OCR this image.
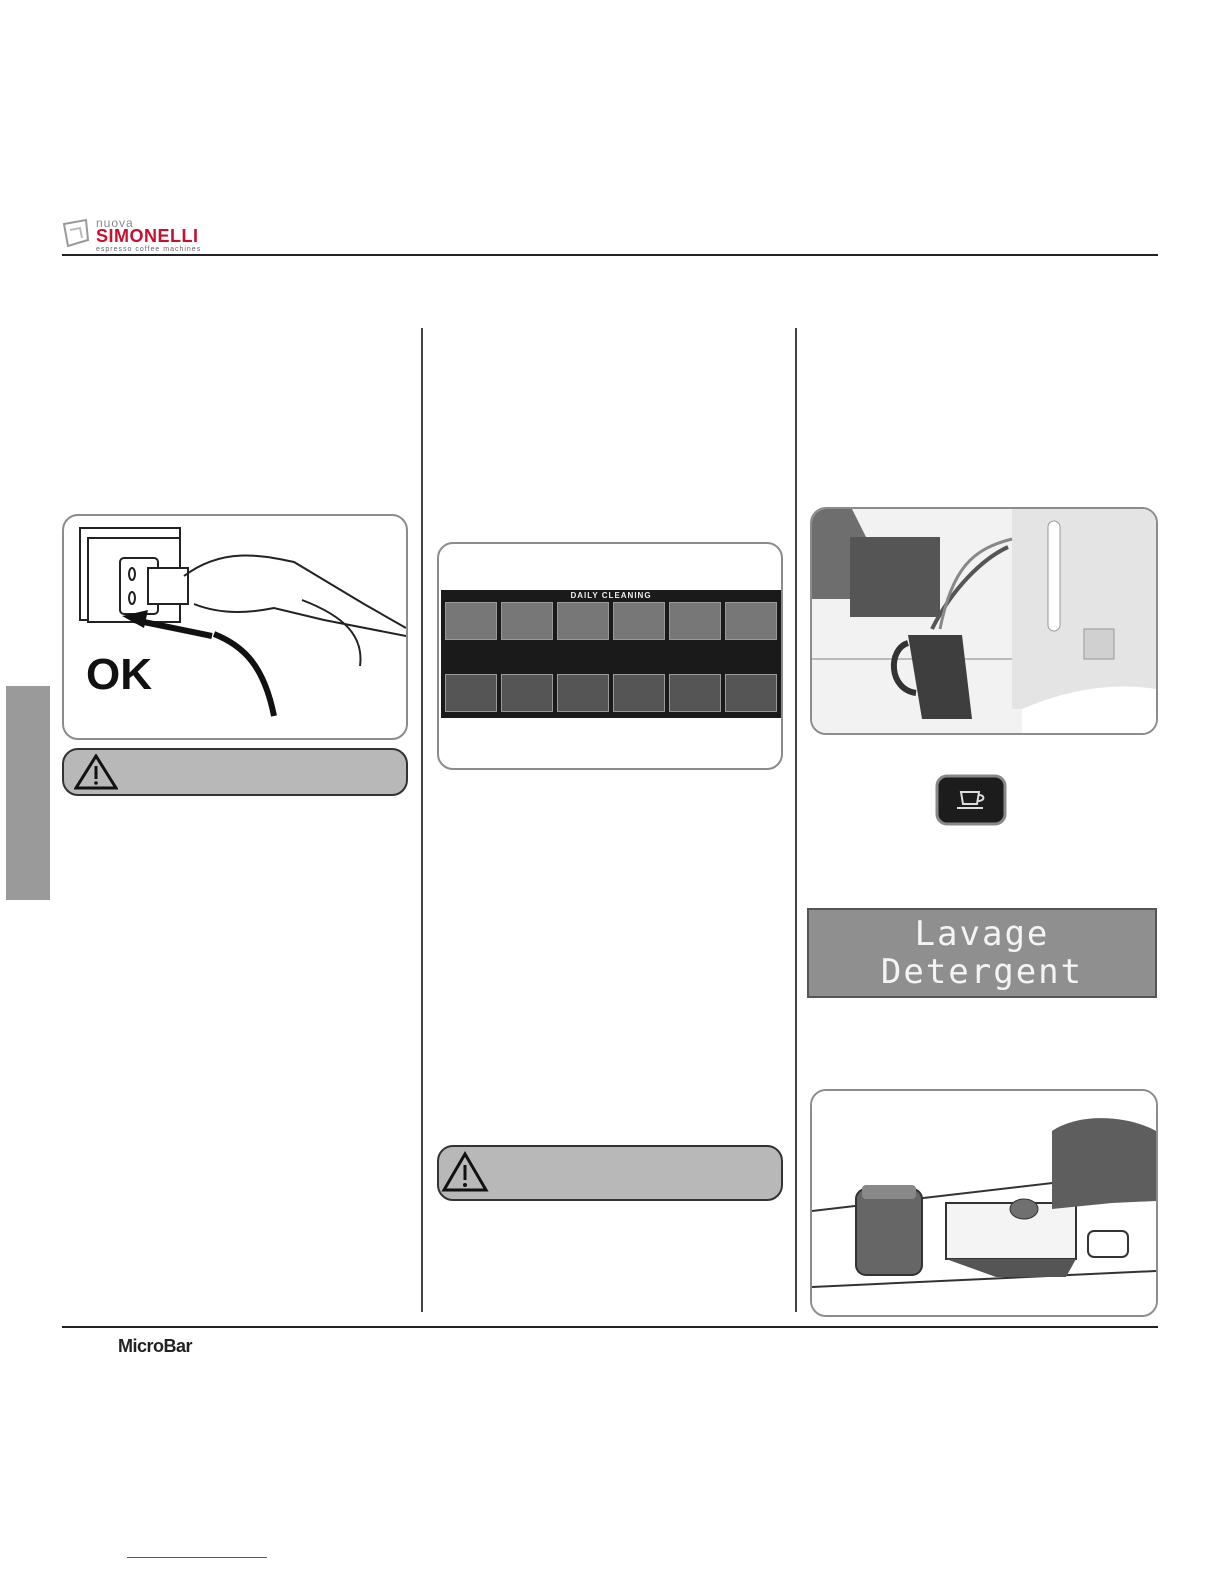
nuova
SIMONELLI
espresso coffee machines
OK
DAILY CLEANING
Lavage
Detergent
MicroBar
